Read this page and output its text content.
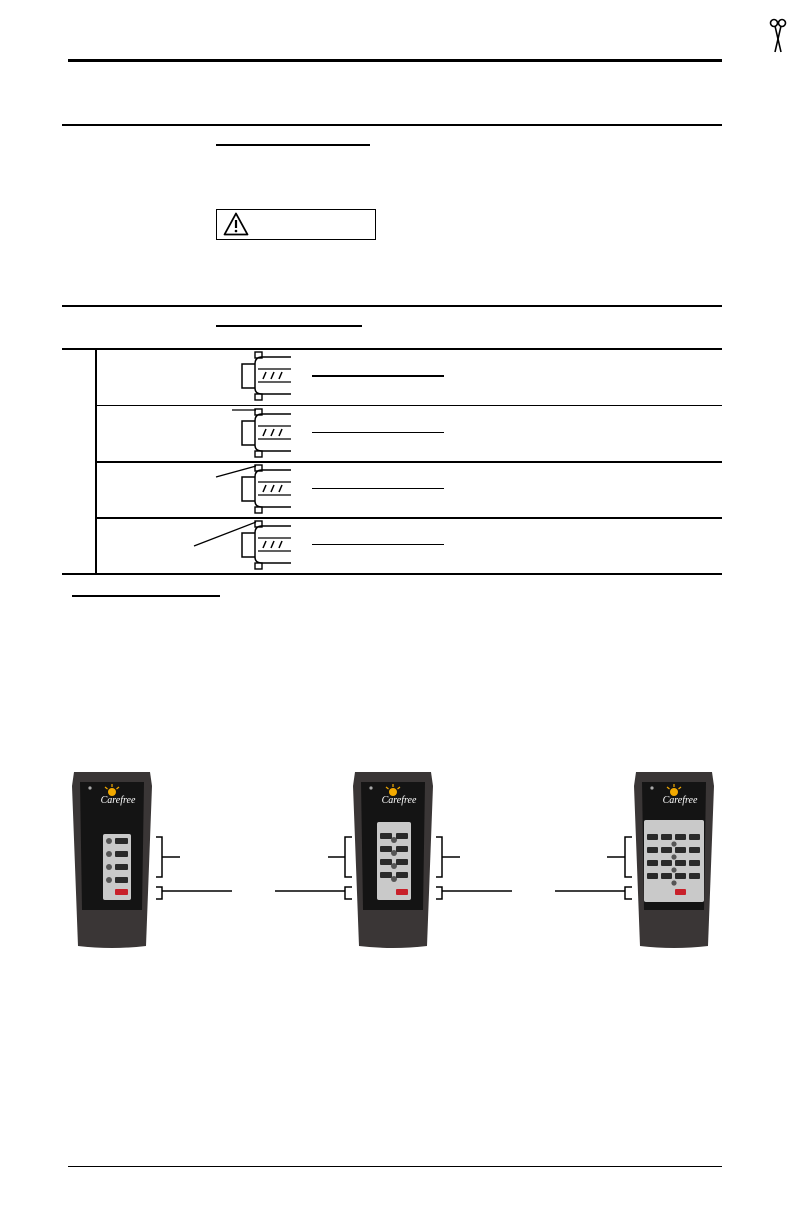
Carefree	Carefree	Carefree
